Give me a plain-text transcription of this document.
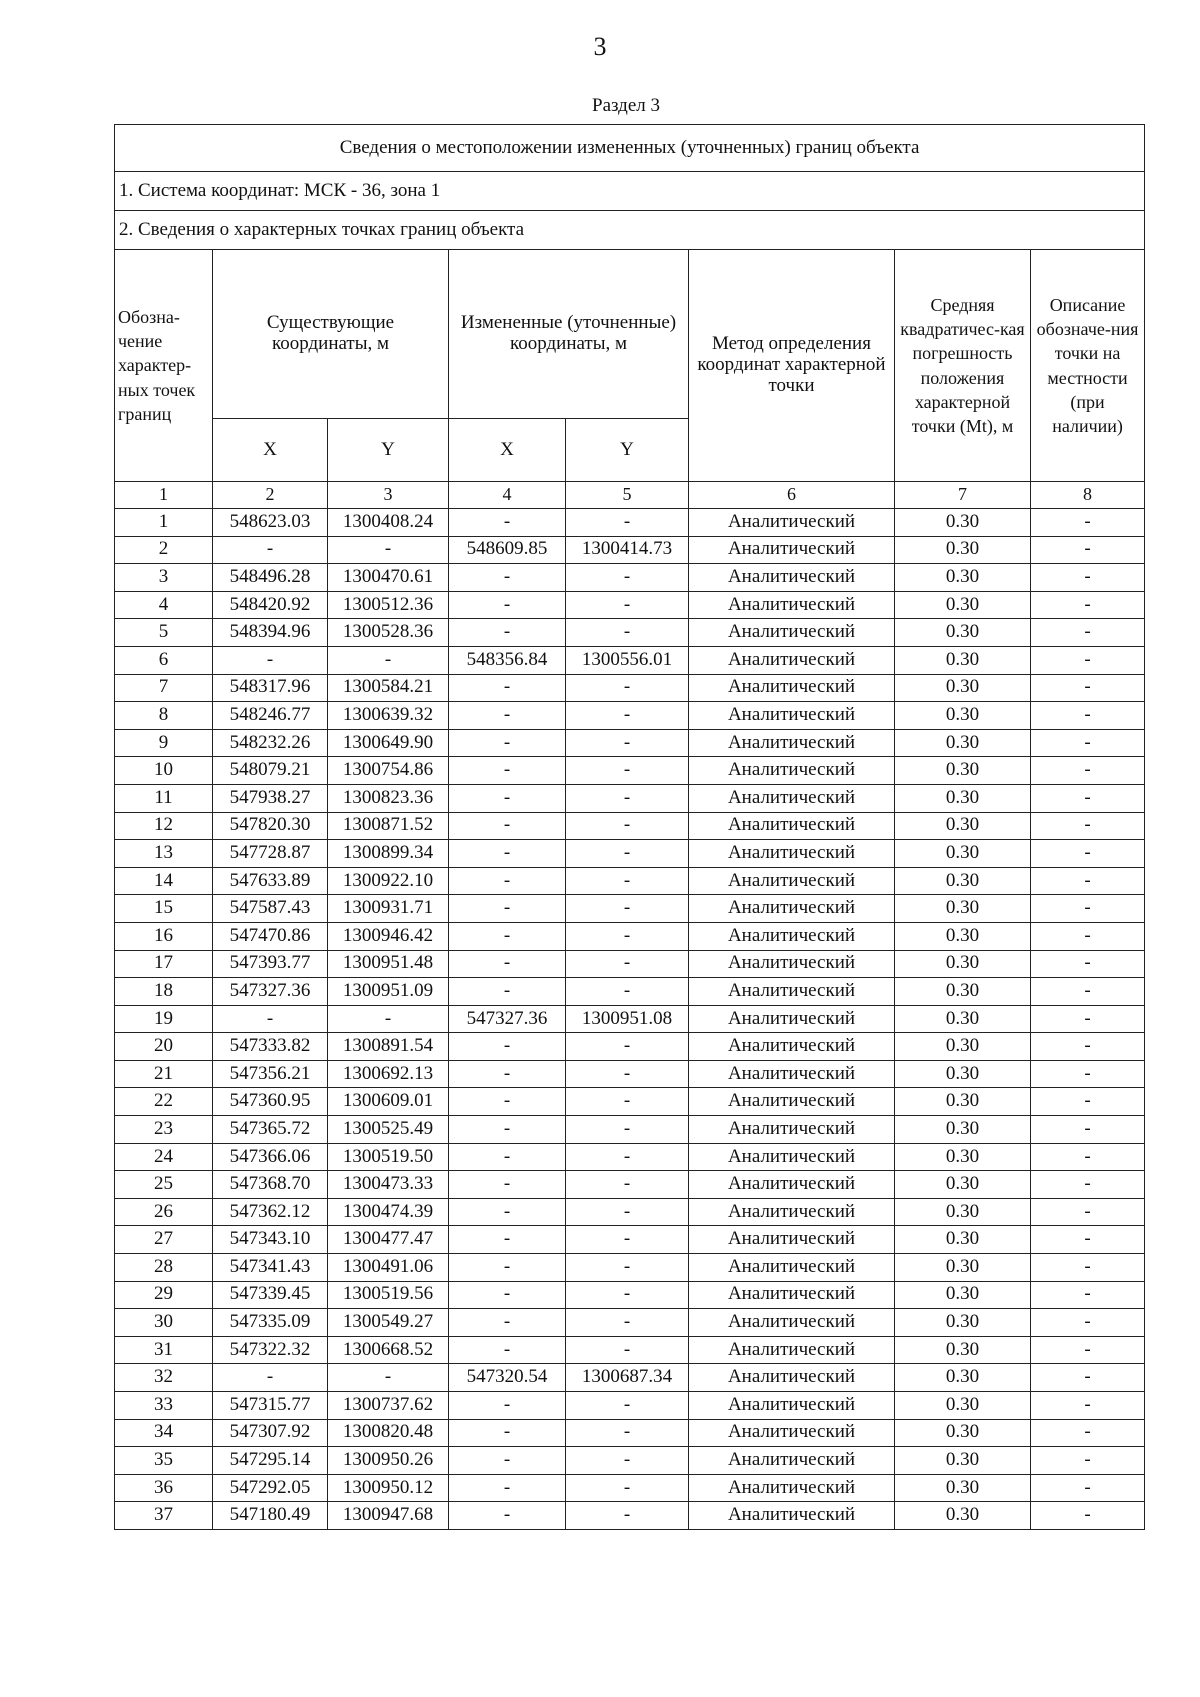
3
Раздел 3
Сведения о местоположении измененных (уточненных) границ объекта							
1. Система координат: МСК - 36, зона 1							
2. Сведения о характерных точках границ объекта							
Обозна-чение характер-ных точек границ	Существующие координаты, м		Измененные (уточненные) координаты, м		Метод определения координат характерной точки	Средняя квадратичес-кая погрешность положения характерной точки (Mt), м	Описание обозначе-ния точки на местности (при наличии)
	X	Y	X	Y			
1	2	3	4	5	6	7	8
1	548623.03	1300408.24	-	-	Аналитический	0.30	-
2	-	-	548609.85	1300414.73	Аналитический	0.30	-
3	548496.28	1300470.61	-	-	Аналитический	0.30	-
4	548420.92	1300512.36	-	-	Аналитический	0.30	-
5	548394.96	1300528.36	-	-	Аналитический	0.30	-
6	-	-	548356.84	1300556.01	Аналитический	0.30	-
7	548317.96	1300584.21	-	-	Аналитический	0.30	-
8	548246.77	1300639.32	-	-	Аналитический	0.30	-
9	548232.26	1300649.90	-	-	Аналитический	0.30	-
10	548079.21	1300754.86	-	-	Аналитический	0.30	-
11	547938.27	1300823.36	-	-	Аналитический	0.30	-
12	547820.30	1300871.52	-	-	Аналитический	0.30	-
13	547728.87	1300899.34	-	-	Аналитический	0.30	-
14	547633.89	1300922.10	-	-	Аналитический	0.30	-
15	547587.43	1300931.71	-	-	Аналитический	0.30	-
16	547470.86	1300946.42	-	-	Аналитический	0.30	-
17	547393.77	1300951.48	-	-	Аналитический	0.30	-
18	547327.36	1300951.09	-	-	Аналитический	0.30	-
19	-	-	547327.36	1300951.08	Аналитический	0.30	-
20	547333.82	1300891.54	-	-	Аналитический	0.30	-
21	547356.21	1300692.13	-	-	Аналитический	0.30	-
22	547360.95	1300609.01	-	-	Аналитический	0.30	-
23	547365.72	1300525.49	-	-	Аналитический	0.30	-
24	547366.06	1300519.50	-	-	Аналитический	0.30	-
25	547368.70	1300473.33	-	-	Аналитический	0.30	-
26	547362.12	1300474.39	-	-	Аналитический	0.30	-
27	547343.10	1300477.47	-	-	Аналитический	0.30	-
28	547341.43	1300491.06	-	-	Аналитический	0.30	-
29	547339.45	1300519.56	-	-	Аналитический	0.30	-
30	547335.09	1300549.27	-	-	Аналитический	0.30	-
31	547322.32	1300668.52	-	-	Аналитический	0.30	-
32	-	-	547320.54	1300687.34	Аналитический	0.30	-
33	547315.77	1300737.62	-	-	Аналитический	0.30	-
34	547307.92	1300820.48	-	-	Аналитический	0.30	-
35	547295.14	1300950.26	-	-	Аналитический	0.30	-
36	547292.05	1300950.12	-	-	Аналитический	0.30	-
37	547180.49	1300947.68	-	-	Аналитический	0.30	-
